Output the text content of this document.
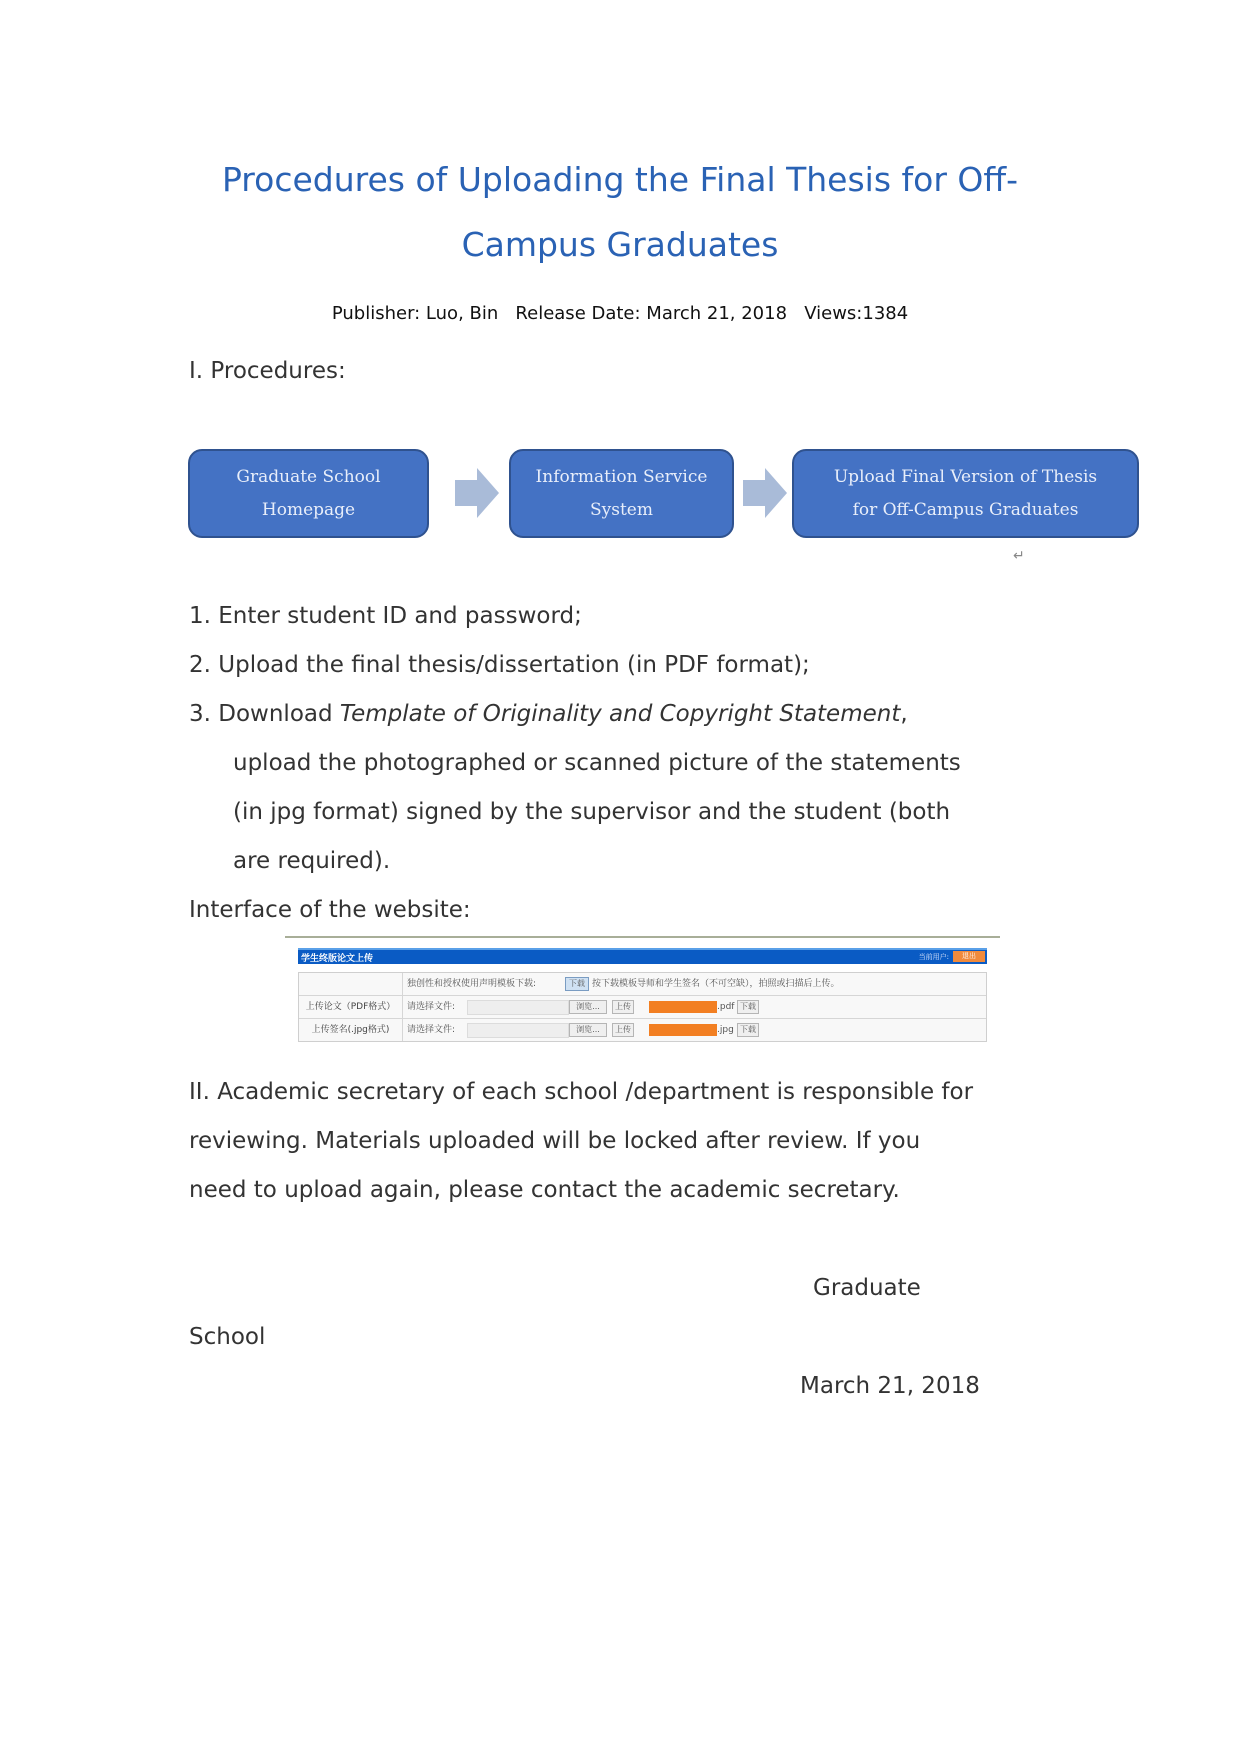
Procedures of Uploading the Final Thesis for Off-
Campus Graduates
Publisher: Luo, Bin   Release Date: March 21, 2018   Views:1384
I. Procedures:
Graduate School
Homepage
Information Service
System
Upload Final Version of Thesis
for Off-Campus Graduates
↵
1. Enter student ID and password;
2. Upload the final thesis/dissertation (in PDF format);
3. Download Template of Originality and Copyright Statement,
upload the photographed or scanned picture of the statements
(in jpg format) signed by the supervisor and the student (both
are required).
Interface of the website:
学生终版论文上传	当前用户:	退出
独创性和授权使用声明模板下载:	下载 按下载模板导师和学生签名（不可空缺），拍照或扫描后上传。
上传论文（PDF格式）	请选择文件:	浏览...	上传	.pdf 下载
上传签名(.jpg格式)	请选择文件:	浏览...	上传	.jpg 下载
II. Academic secretary of each school /department is responsible for
reviewing. Materials uploaded will be locked after review. If you
need to upload again, please contact the academic secretary.
Graduate
School
March 21, 2018
